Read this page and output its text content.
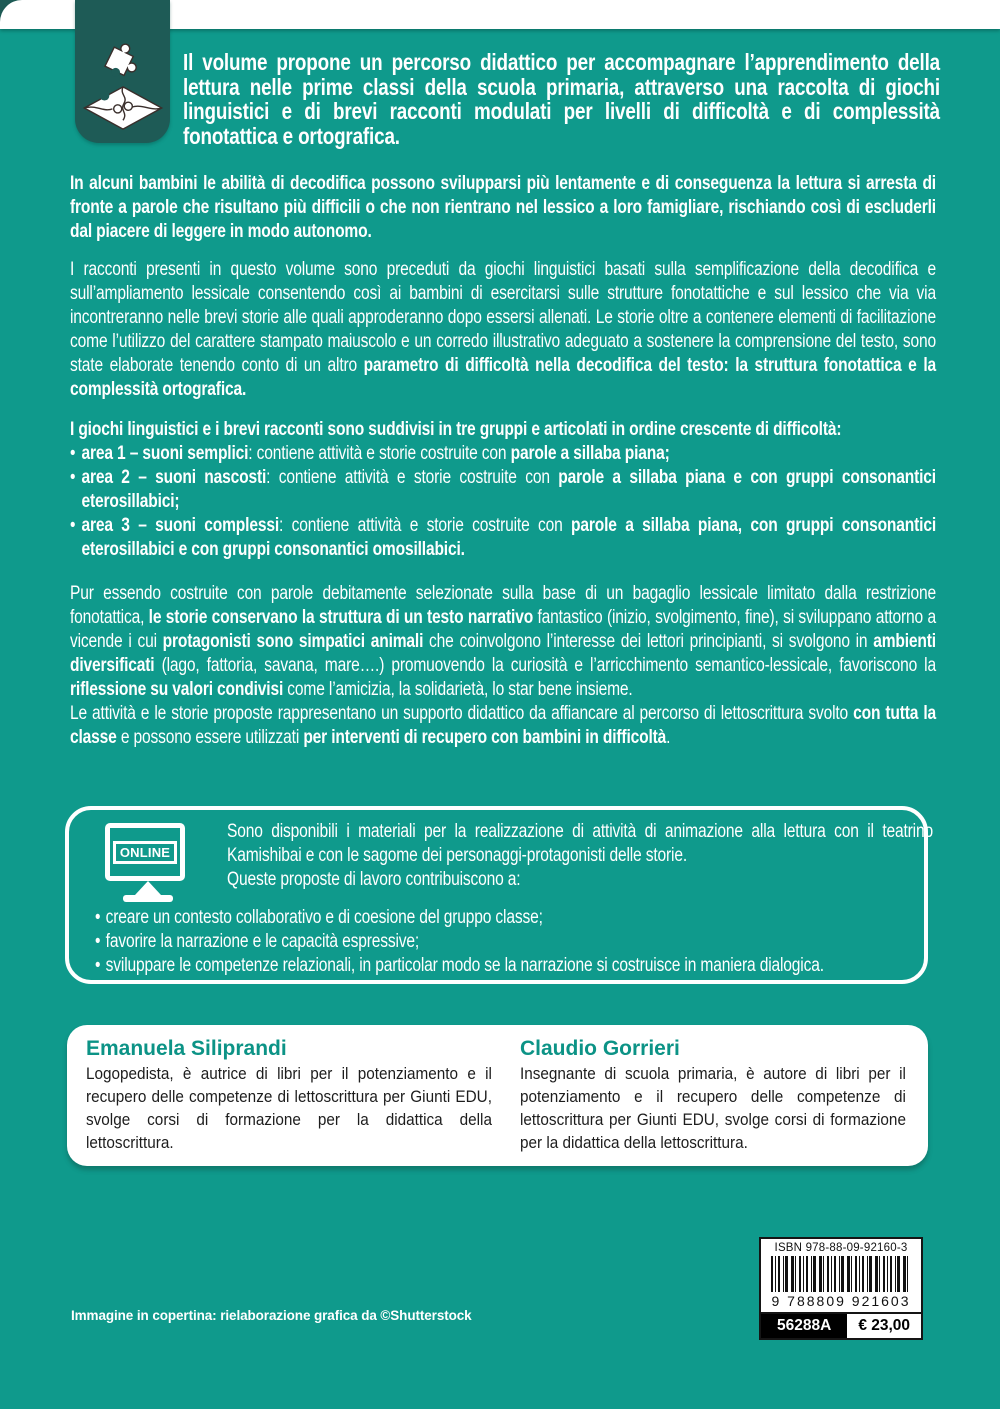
Il volume propone un percorso didattico per accompagnare l’apprendimento della lettura nelle prime classi della scuola primaria, attraverso una raccolta di giochi linguistici e di brevi racconti modulati per livelli di difficoltà e di complessità fonotattica e ortografica.
In alcuni bambini le abilità di decodifica possono svilupparsi più lentamente e di conseguenza la lettura si arresta di fronte a parole che risultano più difficili o che non rientrano nel lessico a loro famigliare, rischiando così di escluderli dal piacere di leggere in modo autonomo.
I racconti presenti in questo volume sono preceduti da giochi linguistici basati sulla semplificazione della decodifica e sull’ampliamento lessicale consentendo così ai bambini di esercitarsi sulle strutture fonotattiche e sul lessico che via via incontreranno nelle brevi storie alle quali approderanno dopo essersi allenati. Le storie oltre a contenere elementi di facilitazione come l’utilizzo del carattere stampato maiuscolo e un corredo illustrativo adeguato a sostenere la comprensione del testo, sono state elaborate tenendo conto di un altro parametro di difficoltà nella decodifica del testo: la struttura fonotattica e la complessità ortografica.
I giochi linguistici e i brevi racconti sono suddivisi in tre gruppi e articolati in ordine crescente di difficoltà:
• area 1 – suoni semplici: contiene attività e storie costruite con parole a sillaba piana;
• area 2 – suoni nascosti: contiene attività e storie costruite con parole a sillaba piana e con gruppi consonantici eterosillabici;
• area 3 – suoni complessi: contiene attività e storie costruite con parole a sillaba piana, con gruppi consonantici eterosillabici e con gruppi consonantici omosillabici.
Pur essendo costruite con parole debitamente selezionate sulla base di un bagaglio lessicale limitato dalla restrizione fonotattica, le storie conservano la struttura di un testo narrativo fantastico (inizio, svolgimento, fine), si sviluppano attorno a vicende i cui protagonisti sono simpatici animali che coinvolgono l’interesse dei lettori principianti, si svolgono in ambienti diversificati (lago, fattoria, savana, mare….) promuovendo la curiosità e l’arricchimento semantico-lessicale, favoriscono la riflessione su valori condivisi come l’amicizia, la solidarietà, lo star bene insieme.
Le attività e le storie proposte rappresentano un supporto didattico da affiancare al percorso di lettoscrittura svolto con tutta la classe e possono essere utilizzati per interventi di recupero con bambini in difficoltà.
ONLINE
Sono disponibili i materiali per la realizzazione di attività di animazione alla lettura con il teatrino Kamishibai e con le sagome dei personaggi-protagonisti delle storie.
Queste proposte di lavoro contribuiscono a:
• creare un contesto collaborativo e di coesione del gruppo classe;
• favorire la narrazione e le capacità espressive;
• sviluppare le competenze relazionali, in particolar modo se la narrazione si costruisce in maniera dialogica.
Emanuela Siliprandi
Logopedista, è autrice di libri per il potenziamento e il recupero delle competenze di lettoscrittura per Giunti EDU, svolge corsi di formazione per la didattica della lettoscrittura.
Claudio Gorrieri
Insegnante di scuola primaria, è autore di libri per il potenziamento e il recupero delle competenze di lettoscrittura per Giunti EDU, svolge corsi di formazione per la didattica della lettoscrittura.
ISBN 978-88-09-92160-3
9 788809 921603
56288A	€ 23,00
Immagine in copertina: rielaborazione grafica da ©Shutterstock
